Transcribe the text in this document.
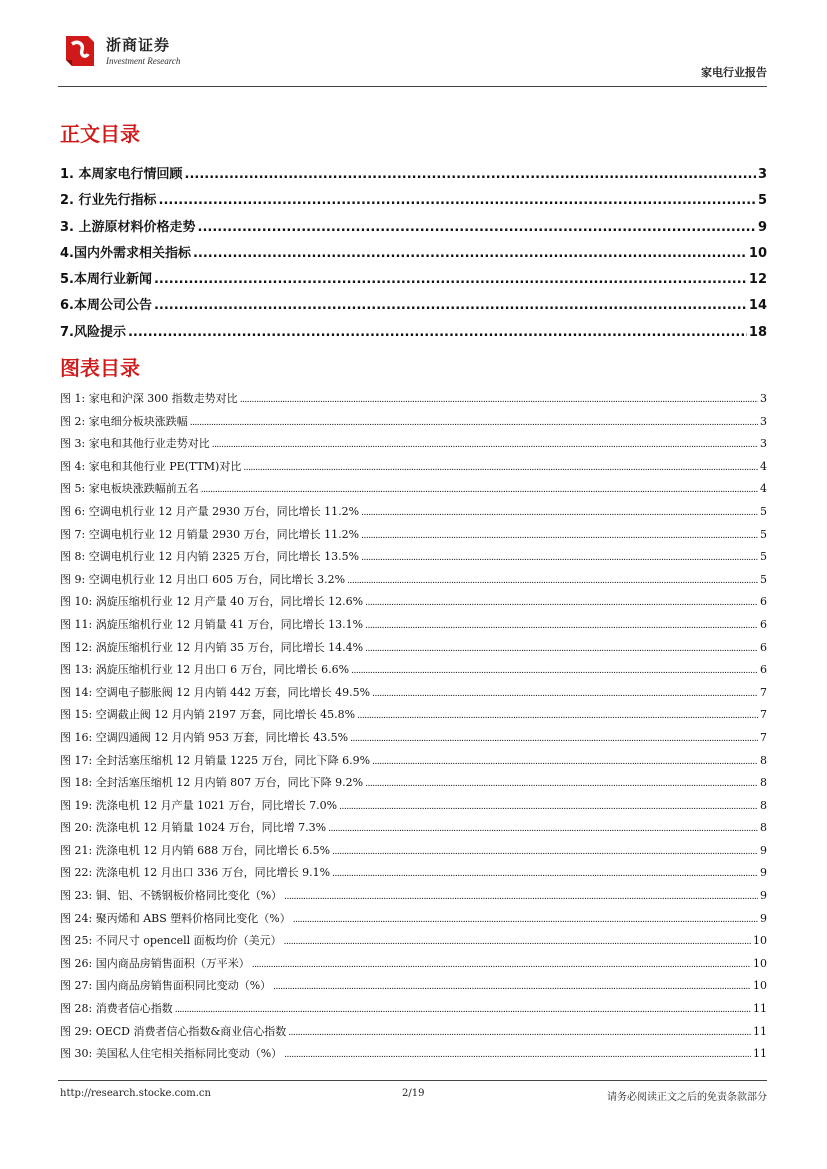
浙商证券
Investment Research
家电行业报告
正文目录
1. 本周家电行情回顾 .....	3
2. 行业先行指标 .....	5
3. 上游原材料价格走势 .....	9
4.国内外需求相关指标 .....	10
5.本周行业新闻 .....	12
6.本周公司公告 .....	14
7.风险提示 .....	18
图表目录
图 1: 家电和沪深 300 指数走势对比 .....	3
图 2: 家电细分板块涨跌幅 .....	3
图 3: 家电和其他行业走势对比 .....	3
图 4: 家电和其他行业 PE(TTM)对比 .....	4
图 5: 家电板块涨跌幅前五名 .....	4
图 6: 空调电机行业 12 月产量 2930 万台，同比增长 11.2% .....	5
图 7: 空调电机行业 12 月销量 2930 万台，同比增长 11.2% .....	5
图 8: 空调电机行业 12 月内销 2325 万台，同比增长 13.5% .....	5
图 9: 空调电机行业 12 月出口 605 万台，同比增长 3.2% .....	5
图 10: 涡旋压缩机行业 12 月产量 40 万台，同比增长 12.6% .....	6
图 11: 涡旋压缩机行业 12 月销量 41 万台，同比增长 13.1% .....	6
图 12: 涡旋压缩机行业 12 月内销 35 万台，同比增长 14.4% .....	6
图 13: 涡旋压缩机行业 12 月出口 6 万台，同比增长 6.6% .....	6
图 14: 空调电子膨胀阀 12 月内销 442 万套，同比增长 49.5% .....	7
图 15: 空调截止阀 12 月内销 2197 万套，同比增长 45.8% .....	7
图 16: 空调四通阀 12 月内销 953 万套，同比增长 43.5% .....	7
图 17: 全封活塞压缩机 12 月销量 1225 万台，同比下降 6.9% .....	8
图 18: 全封活塞压缩机 12 月内销 807 万台，同比下降 9.2% .....	8
图 19: 洗涤电机 12 月产量 1021 万台，同比增长 7.0% .....	8
图 20: 洗涤电机 12 月销量 1024 万台，同比增 7.3% .....	8
图 21: 洗涤电机 12 月内销 688 万台，同比增长 6.5% .....	9
图 22: 洗涤电机 12 月出口 336 万台，同比增长 9.1% .....	9
图 23: 铜、铝、不锈钢板价格同比变化（%） .....	9
图 24: 聚丙烯和 ABS 塑料价格同比变化（%） .....	9
图 25: 不同尺寸 opencell 面板均价（美元） .....	10
图 26: 国内商品房销售面积（万平米） .....	10
图 27: 国内商品房销售面积同比变动（%） .....	10
图 28: 消费者信心指数 .....	11
图 29: OECD 消费者信心指数&商业信心指数 .....	11
图 30: 美国私人住宅相关指标同比变动（%） .....	11
http://research.stocke.com.cn	2/19	请务必阅读正文之后的免责条款部分
